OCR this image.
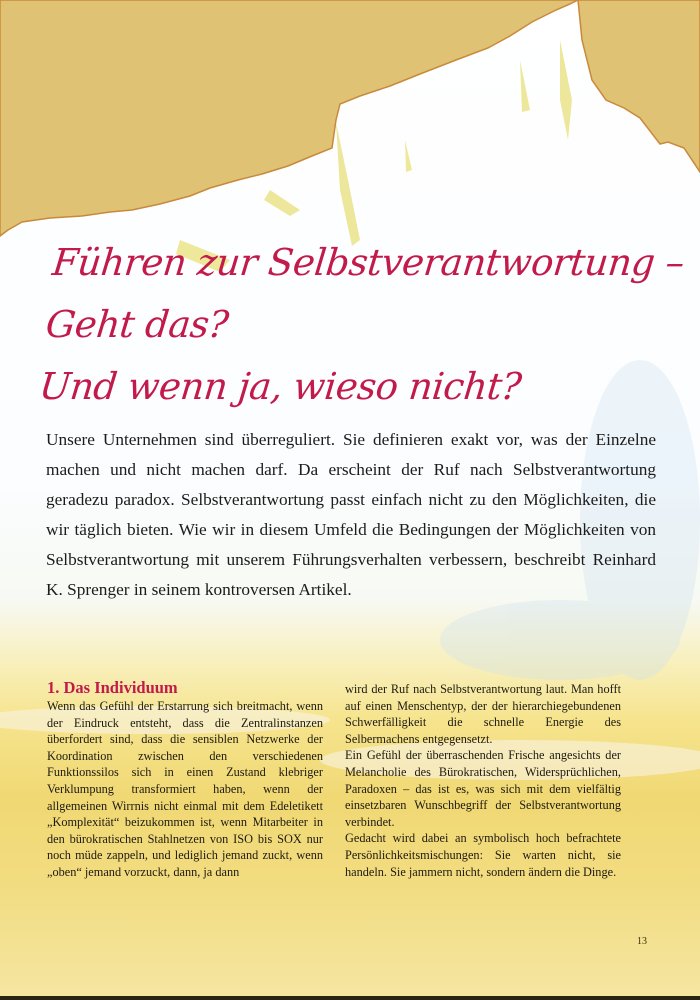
Führen zur Selbstverantwortung –
Geht das?
Und wenn ja, wieso nicht?

Unsere Unternehmen sind überreguliert. Sie definieren exakt vor, was der Einzelne machen und nicht machen darf. Da erscheint der Ruf nach Selbstverantwortung geradezu paradox. Selbstverantwortung passt einfach nicht zu den Möglichkeiten, die wir täglich bieten. Wie wir in diesem Umfeld die Bedingungen der Möglichkeiten von Selbstverantwortung mit unserem Führungsverhalten verbessern, beschreibt Reinhard K. Sprenger in seinem kontroversen Artikel.

1. Das Individuum

Wenn das Gefühl der Erstarrung sich breitmacht, wenn der Eindruck entsteht, dass die Zentralinstanzen überfordert sind, dass die sensiblen Netzwerke der Koordination zwischen den verschiedenen Funktionssilos sich in einen Zustand klebriger Verklumpung transformiert haben, wenn der allgemeinen Wirrnis nicht einmal mit dem Edeletikett „Komplexität“ beizukommen ist, wenn Mitarbeiter in den bürokratischen Stahlnetzen von ISO bis SOX nur noch müde zappeln, und lediglich jemand zuckt, wenn „oben“ jemand vorzuckt, dann, ja dann

wird der Ruf nach Selbstverantwortung laut. Man hofft auf einen Menschentyp, der der hierarchiegebundenen Schwerfälligkeit die schnelle Energie des Selbermachens entgegensetzt.

Ein Gefühl der überraschenden Frische angesichts der Melancholie des Bürokratischen, Widersprüchlichen, Paradoxen – das ist es, was sich mit dem vielfältig einsetzbaren Wunschbegriff der Selbstverantwortung verbindet.

Gedacht wird dabei an symbolisch hoch befrachtete Persönlichkeitsmischungen: Sie warten nicht, sie handeln. Sie jammern nicht, sondern ändern die Dinge.

13
